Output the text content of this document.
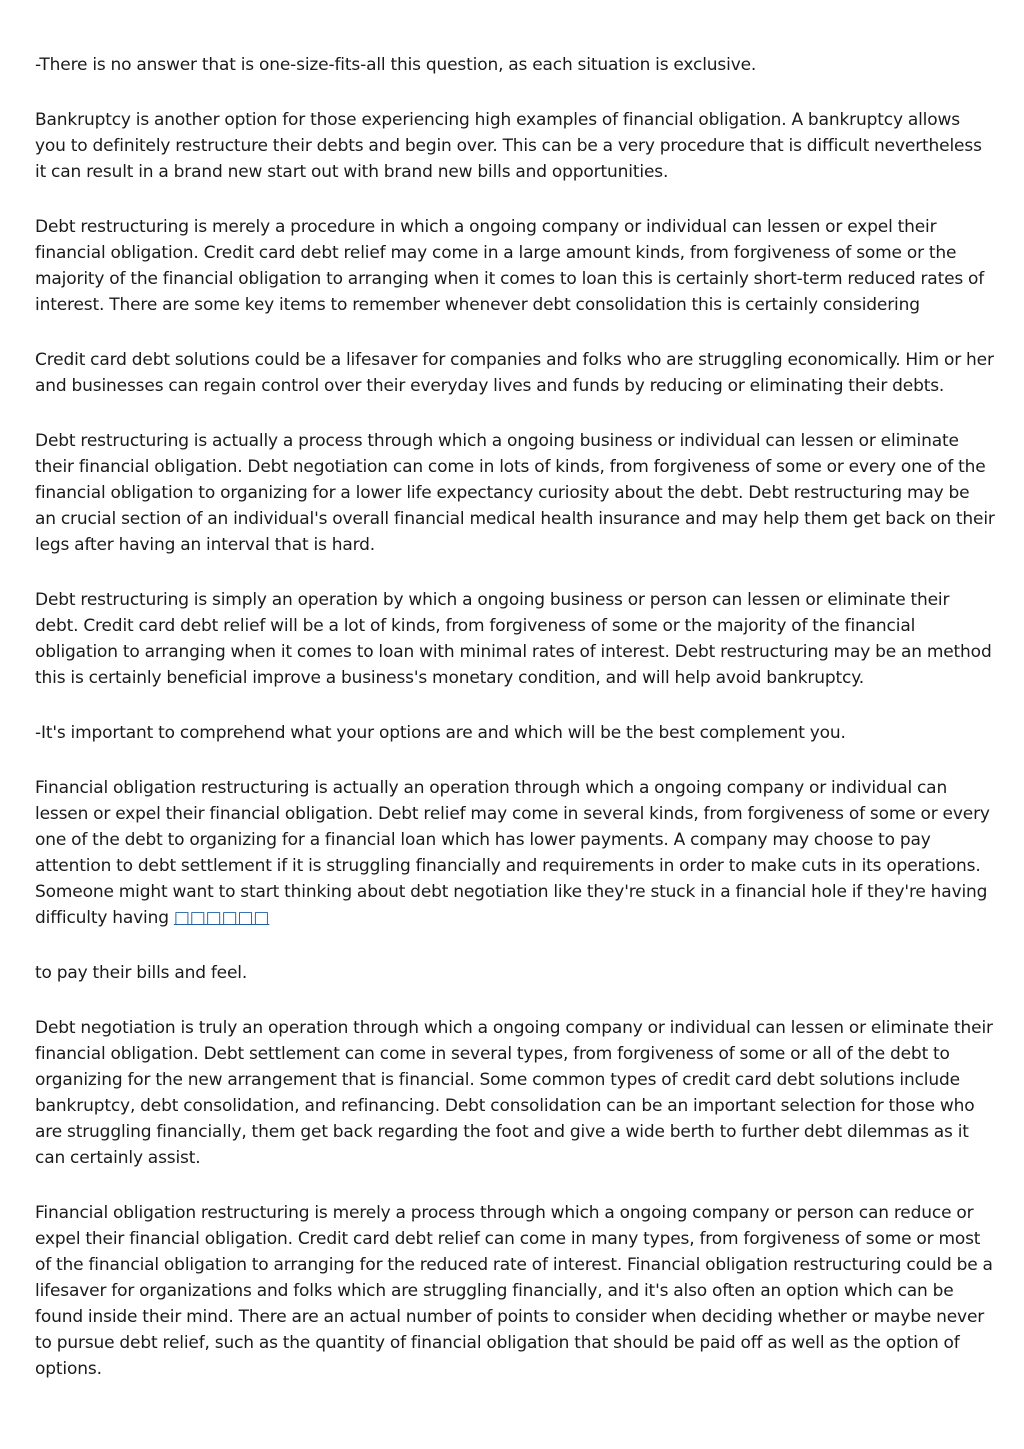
-There is no answer that is one-size-fits-all this question, as each situation is exclusive.

Bankruptcy is another option for those experiencing high examples of financial obligation. A bankruptcy allows you to definitely restructure their debts and begin over. This can be a very procedure that is difficult nevertheless it can result in a brand new start out with brand new bills and opportunities.

Debt restructuring is merely a procedure in which a ongoing company or individual can lessen or expel their financial obligation. Credit card debt relief may come in a large amount kinds, from forgiveness of some or the majority of the financial obligation to arranging when it comes to loan this is certainly short-term reduced rates of interest. There are some key items to remember whenever debt consolidation this is certainly considering

Credit card debt solutions could be a lifesaver for companies and folks who are struggling economically. Him or her and businesses can regain control over their everyday lives and funds by reducing or eliminating their debts.

Debt restructuring is actually a process through which a ongoing business or individual can lessen or eliminate their financial obligation. Debt negotiation can come in lots of kinds, from forgiveness of some or every one of the financial obligation to organizing for a lower life expectancy curiosity about the debt. Debt restructuring may be an crucial section of an individual's overall financial medical health insurance and may help them get back on their legs after having an interval that is hard.

Debt restructuring is simply an operation by which a ongoing business or person can lessen or eliminate their debt. Credit card debt relief will be a lot of kinds, from forgiveness of some or the majority of the financial obligation to arranging when it comes to loan with minimal rates of interest. Debt restructuring may be an method this is certainly beneficial improve a business's monetary condition, and will help avoid bankruptcy.

-It's important to comprehend what your options are and which will be the best complement you.

Financial obligation restructuring is actually an operation through which a ongoing company or individual can lessen or expel their financial obligation. Debt relief may come in several kinds, from forgiveness of some or every one of the debt to organizing for a financial loan which has lower payments. A company may choose to pay attention to debt settlement if it is struggling financially and requirements in order to make cuts in its operations. Someone might want to start thinking about debt negotiation like they're stuck in a financial hole if they're having difficulty having □□□□□□

to pay their bills and feel.

Debt negotiation is truly an operation through which a ongoing company or individual can lessen or eliminate their financial obligation. Debt settlement can come in several types, from forgiveness of some or all of the debt to organizing for the new arrangement that is financial. Some common types of credit card debt solutions include bankruptcy, debt consolidation, and refinancing. Debt consolidation can be an important selection for those who are struggling financially, them get back regarding the foot and give a wide berth to further debt dilemmas as it can certainly assist.

Financial obligation restructuring is merely a process through which a ongoing company or person can reduce or expel their financial obligation. Credit card debt relief can come in many types, from forgiveness of some or most of the financial obligation to arranging for the reduced rate of interest. Financial obligation restructuring could be a lifesaver for organizations and folks which are struggling financially, and it's also often an option which can be found inside their mind. There are an actual number of points to consider when deciding whether or maybe never to pursue debt relief, such as the quantity of financial obligation that should be paid off as well as the option of options.
